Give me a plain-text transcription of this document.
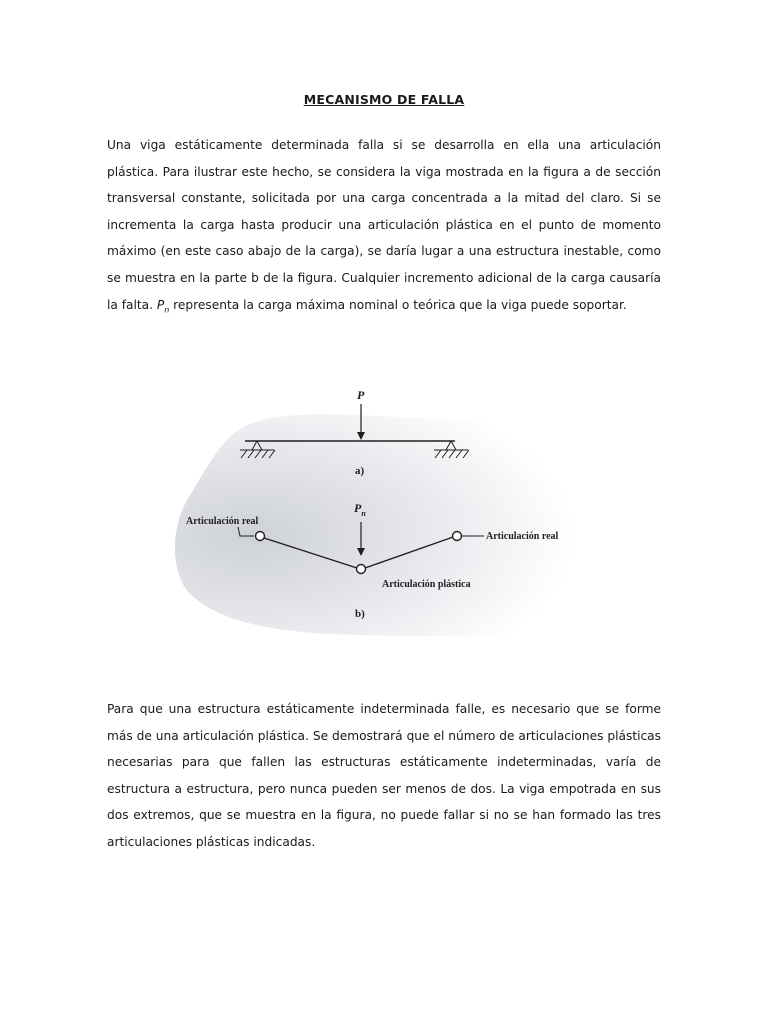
MECANISMO DE FALLA

Una viga estáticamente determinada falla si se desarrolla en ella una articulación plástica. Para ilustrar este hecho, se considera la viga mostrada en la figura a de sección transversal constante, solicitada por una carga concentrada a la mitad del claro. Si se incrementa la carga hasta producir una articulación plástica en el punto de momento máximo (en este caso abajo de la carga), se daría lugar a una estructura inestable, como se muestra en la parte b de la figura. Cualquier incremento adicional de la carga causaría la falta. $P_n$ representa la carga máxima nominal o teórica que la viga puede soportar.

P
a)
$P_n$
Articulación real
Articulación real
Articulación plástica
b)

Para que una estructura estáticamente indeterminada falle, es necesario que se forme más de una articulación plástica. Se demostrará que el número de articulaciones plásticas necesarias para que fallen las estructuras estáticamente indeterminadas, varía de estructura a estructura, pero nunca pueden ser menos de dos. La viga empotrada en sus dos extremos, que se muestra en la figura, no puede fallar si no se han formado las tres articulaciones plásticas indicadas.
